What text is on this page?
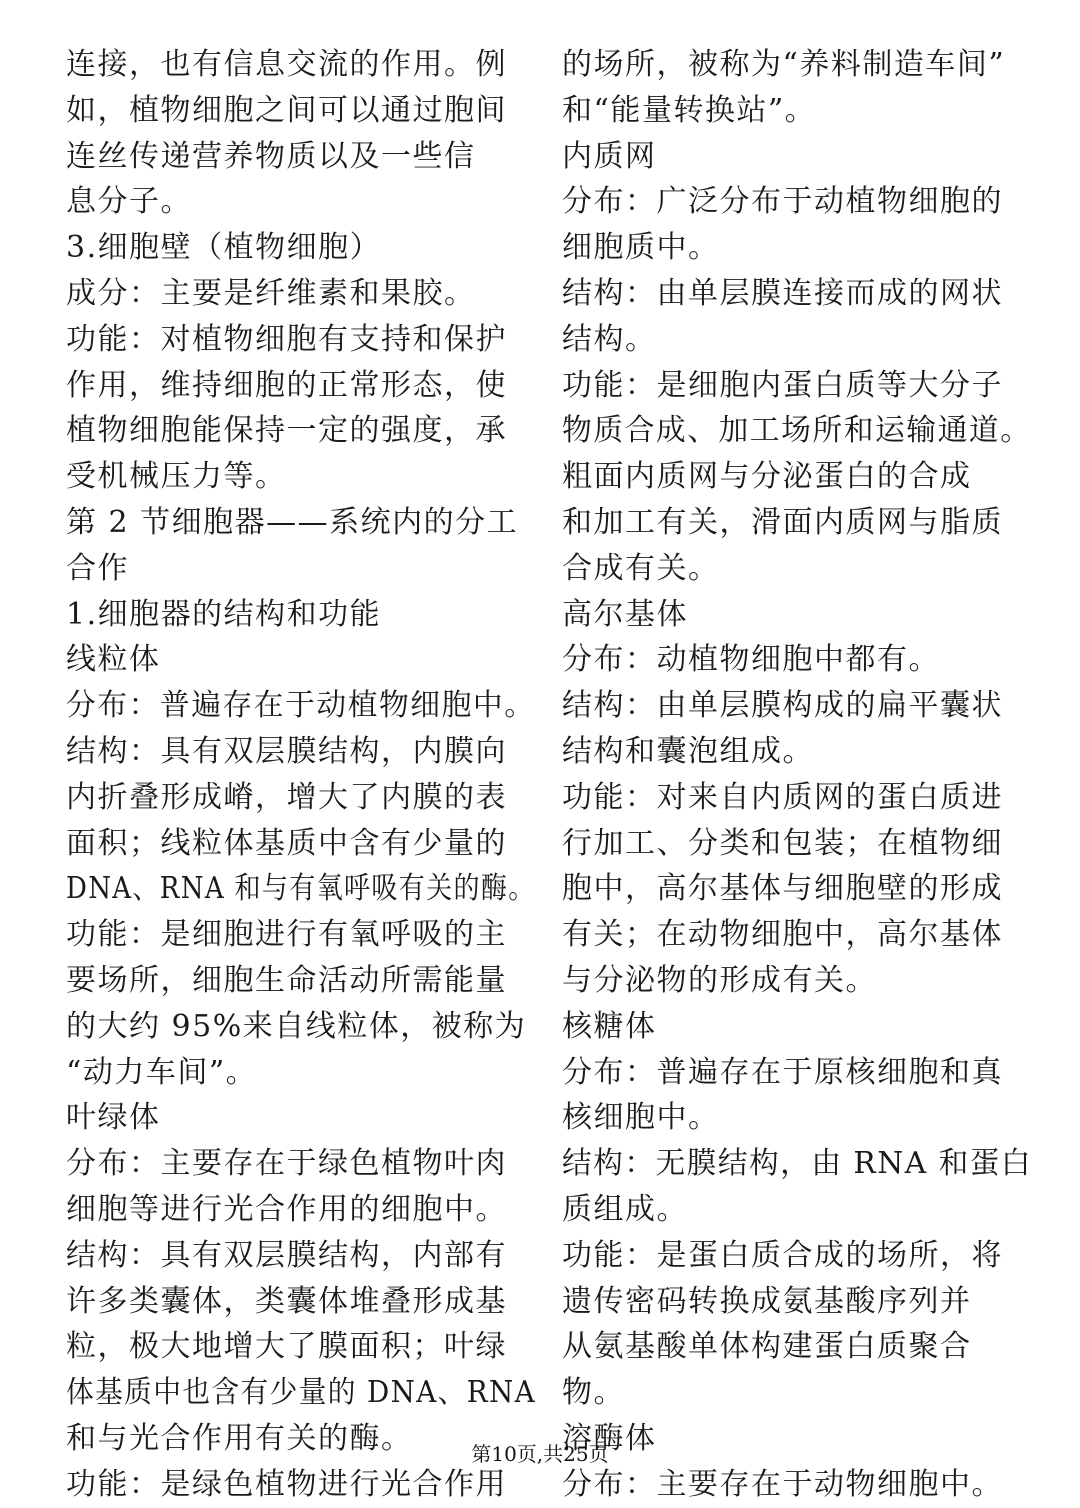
连接，也有信息交流的作用。例
如，植物细胞之间可以通过胞间
连丝传递营养物质以及一些信
息分子。
3.细胞壁（植物细胞）
成分：主要是纤维素和果胶。
功能：对植物细胞有支持和保护
作用，维持细胞的正常形态，使
植物细胞能保持一定的强度，承
受机械压力等。
第 2 节细胞器——系统内的分工
合作
1.细胞器的结构和功能
线粒体
分布：普遍存在于动植物细胞中。
结构：具有双层膜结构，内膜向
内折叠形成嵴，增大了内膜的表
面积；线粒体基质中含有少量的
DNA、RNA 和与有氧呼吸有关的酶。
功能：是细胞进行有氧呼吸的主
要场所，细胞生命活动所需能量
的大约 95%来自线粒体，被称为
“动力车间”。
叶绿体
分布：主要存在于绿色植物叶肉
细胞等进行光合作用的细胞中。
结构：具有双层膜结构，内部有
许多类囊体，类囊体堆叠形成基
粒，极大地增大了膜面积；叶绿
体基质中也含有少量的 DNA、RNA
和与光合作用有关的酶。
功能：是绿色植物进行光合作用
的场所，被称为“养料制造车间”
和“能量转换站”。
内质网
分布：广泛分布于动植物细胞的
细胞质中。
结构：由单层膜连接而成的网状
结构。
功能：是细胞内蛋白质等大分子
物质合成、加工场所和运输通道。
粗面内质网与分泌蛋白的合成
和加工有关，滑面内质网与脂质
合成有关。
高尔基体
分布：动植物细胞中都有。
结构：由单层膜构成的扁平囊状
结构和囊泡组成。
功能：对来自内质网的蛋白质进
行加工、分类和包装；在植物细
胞中，高尔基体与细胞壁的形成
有关；在动物细胞中，高尔基体
与分泌物的形成有关。
核糖体
分布：普遍存在于原核细胞和真
核细胞中。
结构：无膜结构，由 RNA 和蛋白
质组成。
功能：是蛋白质合成的场所，将
遗传密码转换成氨基酸序列并
从氨基酸单体构建蛋白质聚合
物。
溶酶体
分布：主要存在于动物细胞中。
第10页,共25页
